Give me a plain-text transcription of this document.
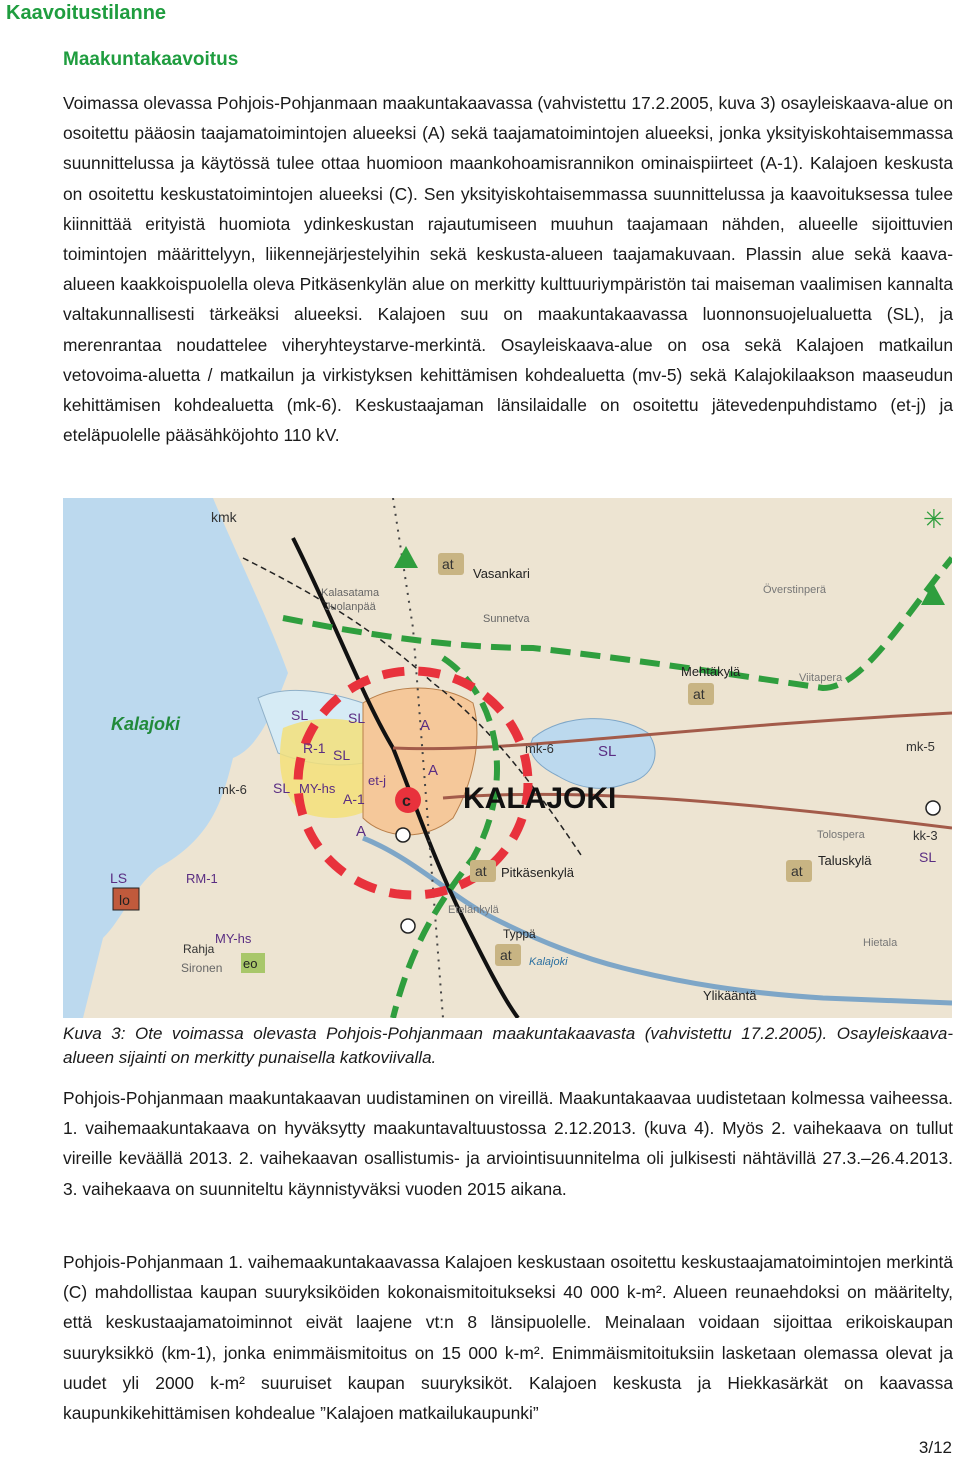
Kaavoitustilanne
Maakuntakaavoitus

Voimassa olevassa Pohjois-Pohjanmaan maakuntakaavassa (vahvistettu 17.2.2005, kuva 3) osayleiskaava-alue on osoitettu pääosin taajamatoimintojen alueeksi (A) sekä taajamatoimintojen alueeksi, jonka yksityiskohtaisemmassa suunnittelussa ja käytössä tulee ottaa huomioon maankohoamisrannikon ominaispiirteet (A-1). Kalajoen keskusta on osoitettu keskustatoimintojen alueeksi (C). Sen yksityiskohtaisemmassa suunnittelussa ja kaavoituksessa tulee kiinnittää erityistä huomiota ydinkeskustan rajautumiseen muuhun taajamaan nähden, alueelle sijoittuvien toimintojen määrittelyyn, liikennejärjestelyihin sekä keskusta-alueen taajamakuvaan. Plassin alue sekä kaava-alueen kaakkoispuolella oleva Pitkäsenkylän alue on merkitty kulttuuriympäristön tai maiseman vaalimisen kannalta valtakunnallisesti tärkeäksi alueeksi. Kalajoen suu on maakuntakaavassa luonnonsuojelualuetta (SL), ja merenrantaa noudattelee viheryhteystarve-merkintä. Osayleiskaava-alue on osa sekä Kalajoen matkailun vetovoima-aluetta / matkailun ja virkistyksen kehittämisen kohdealuetta (mv-5) sekä Kalajokilaakson maaseudun kehittämisen kohdealuetta (mk-6). Keskustaajaman länsilaidalle on osoitettu jätevedenpuhdistamo (et-j) ja eteläpuolelle pääsähköjohto 110 kV.

✳
c
kmk
at
Vasankari
Kalasatama
Juolanpää
Sunnetva
Överstinperä
Kalajoki
Mehtäkylä
at
Viitapera
SL	SL	A
mk-6	SL	mk-5
R-1 SL
A
et-j
mk-6 SL MY-hs
A-1	KALAJOKI
A	kk-3
SL
Tolospera
Taluskylä
at
at Pitkäsenkylä
LS	RM-1
lo
Etelänkylä
MY-hs
Rahja
Typpä
at Kalajoki
eo
Sironen
Hietala
Ylikääntä

Kuva 3: Ote voimassa olevasta Pohjois-Pohjanmaan maakuntakaavasta (vahvistettu 17.2.2005). Osayleiskaava-alueen sijainti on merkitty punaisella katkoviivalla.

Pohjois-Pohjanmaan maakuntakaavan uudistaminen on vireillä. Maakuntakaavaa uudistetaan kolmessa vaiheessa. 1. vaihemaakuntakaava on hyväksytty maakuntavaltuustossa 2.12.2013. (kuva 4). Myös 2. vaihekaava on tullut vireille keväällä 2013. 2. vaihekaavan osallistumis- ja arviointisuunnitelma oli julkisesti nähtävillä 27.3.–26.4.2013. 3. vaihekaava on suunniteltu käynnistyväksi vuoden 2015 aikana.

Pohjois-Pohjanmaan 1. vaihemaakuntakaavassa Kalajoen keskustaan osoitettu keskustaajamatoimintojen merkintä (C) mahdollistaa kaupan suuryksiköiden kokonaismitoitukseksi 40 000 k-m². Alueen reunaehdoksi on määritelty, että keskustaajamatoiminnot eivät laajene vt:n 8 länsipuolelle. Meinalaan voidaan sijoittaa erikoiskaupan suuryksikkö (km-1), jonka enimmäismitoitus on 15 000 k-m². Enimmäismitoituksiin lasketaan olemassa olevat ja uudet yli 2000 k-m² suuruiset kaupan suuryksiköt. Kalajoen keskusta ja Hiekkasärkät on kaavassa kaupunkikehittämisen kohdealue ”Kalajoen matkailukaupunki”

3/12
